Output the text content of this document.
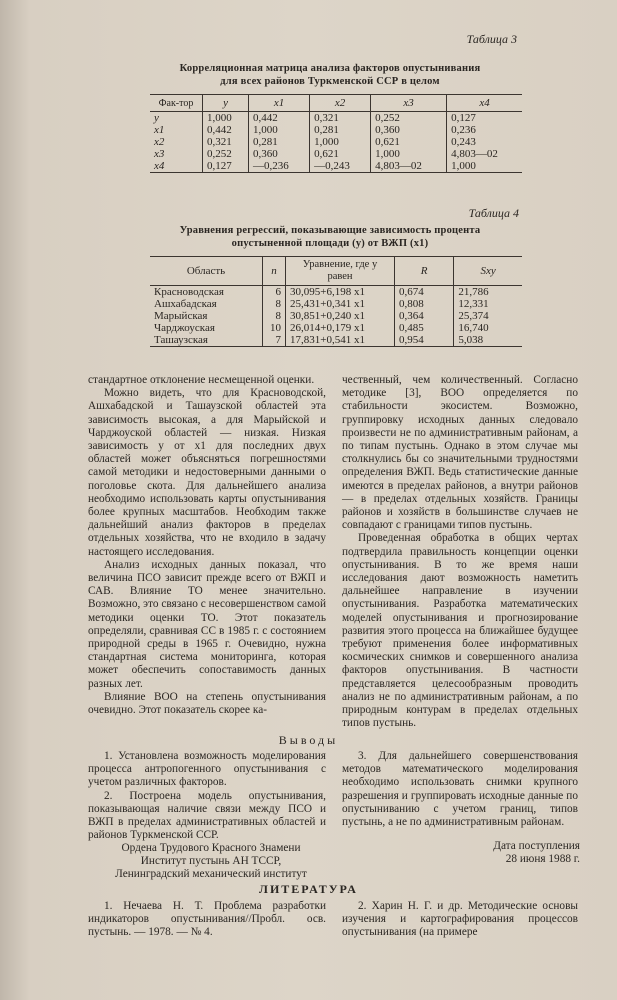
Таблица 3
Корреляционная матрица анализа факторов опустынивания
для всех районов Туркменской ССР в целом
Фак-тор	y	x1	x2	x3	x4
y	1,000	0,442	0,321	0,252	0,127
x1	0,442	1,000	0,281	0,360	0,236
x2	0,321	0,281	1,000	0,621	0,243
x3	0,252	0,360	0,621	1,000	4,803—02
x4	0,127	—0,236	—0,243	4,803—02	1,000
Таблица 4
Уравнения регрессий, показывающие зависимость процента
опустыненной площади (y) от ВЖП (x1)
Область	n	Уравнение, где y равен	R	Sxy
Красноводская	6	30,095+6,198 x1	0,674	21,786
Ашхабадская	8	25,431+0,341 x1	0,808	12,331
Марыйская	8	30,851+0,240 x1	0,364	25,374
Чарджоуская	10	26,014+0,179 x1	0,485	16,740
Ташаузская	7	17,831+0,541 x1	0,954	5,038

стандартное отклонение несмещенной оценки.

Можно видеть, что для Красноводской, Ашхабадской и Ташаузской областей эта зависимость высокая, а для Марыйской и Чарджоуской областей — низкая. Низкая зависимость y от x1 для последних двух областей может объясняться погрешностями самой методики и недостоверными данными о поголовье скота. Для дальнейшего анализа необходимо использовать карты опустынивания более крупных масштабов. Необходим также дальнейший анализ факторов в пределах отдельных хозяйства, что не входило в задачу настоящего исследования.

Анализ исходных данных показал, что величина ПСО зависит прежде всего от ВЖП и САВ. Влияние ТО менее значительно. Возможно, это связано с несовершенством самой методики оценки ТО. Этот показатель определяли, сравнивая СС в 1985 г. с состоянием природной среды в 1965 г. Очевидно, нужна стандартная система мониторинга, которая может обеспечить сопоставимость данных разных лет.

Влияние ВОО на степень опустынивания очевидно. Этот показатель скорее ка-

чественный, чем количественный. Согласно методике [3], ВОО определяется по стабильности экосистем. Возможно, группировку исходных данных следовало произвести не по административным районам, а по типам пустынь. Однако в этом случае мы столкнулись бы со значительными трудностями определения ВЖП. Ведь статистические данные имеются в пределах районов, а внутри районов — в пределах отдельных хозяйств. Границы районов и хозяйств в большинстве случаев не совпадают с границами типов пустынь.

Проведенная обработка в общих чертах подтвердила правильность концепции оценки опустынивания. В то же время наши исследования дают возможность наметить дальнейшее направление в изучении опустынивания. Разработка математических моделей опустынивания и прогнозирование развития этого процесса на ближайшее будущее требуют применения более информативных космических снимков и совершенного анализа факторов опустынивания. В частности представляется целесообразным проводить анализ не по административным районам, а по природным контурам в пределах отдельных типов пустынь.

Выводы

1. Установлена возможность моделирования процесса антропогенного опустынивания с учетом различных факторов.

2. Построена модель опустынивания, показывающая наличие связи между ПСО и ВЖП в пределах административных областей и районов Туркменской ССР.

3. Для дальнейшего совершенствования методов математического моделирования необходимо использовать снимки крупного разрешения и группировать исходные данные по опустыниванию с учетом границ, типов пустынь, а не по административным районам.

Ордена Трудового Красного Знамени
Институт пустынь АН ТССР,
Ленинградский механический институт
Дата поступления
28 июня 1988 г.
ЛИТЕРАТУРА

1. Нечаева Н. Т. Проблема разработки индикаторов опустынивания//Пробл. осв. пустынь. — 1978. — № 4.

2. Харин Н. Г. и др. Методические основы изучения и картографирования процессов опустынивания (на примере
